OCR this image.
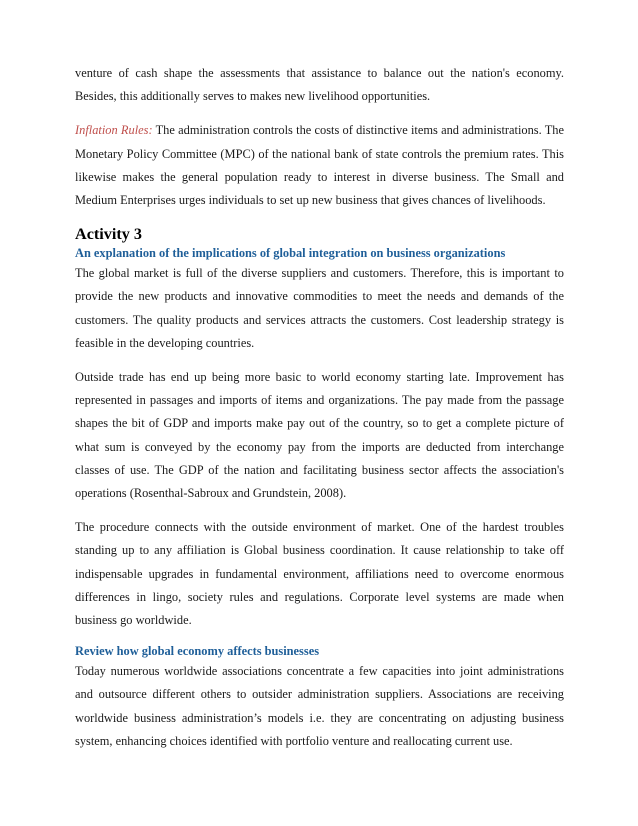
venture of cash shape the assessments that assistance to balance out the nation's economy. Besides, this additionally serves to makes new livelihood opportunities.

Inflation Rules: The administration controls the costs of distinctive items and administrations. The Monetary Policy Committee (MPC) of the national bank of state controls the premium rates. This likewise makes the general population ready to interest in diverse business. The Small and Medium Enterprises urges individuals to set up new business that gives chances of livelihoods.

Activity 3
An explanation of the implications of global integration on business organizations

The global market is full of the diverse suppliers and customers. Therefore, this is important to provide the new products and innovative commodities to meet the needs and demands of the customers. The quality products and services attracts the customers. Cost leadership strategy is feasible in the developing countries.

Outside trade has end up being more basic to world economy starting late. Improvement has represented in passages and imports of items and organizations. The pay made from the passage shapes the bit of GDP and imports make pay out of the country, so to get a complete picture of what sum is conveyed by the economy pay from the imports are deducted from interchange classes of use. The GDP of the nation and facilitating business sector affects the association's operations (Rosenthal-Sabroux and Grundstein, 2008).

The procedure connects with the outside environment of market. One of the hardest troubles standing up to any affiliation is Global business coordination. It cause relationship to take off indispensable upgrades in fundamental environment, affiliations need to overcome enormous differences in lingo, society rules and regulations. Corporate level systems are made when business go worldwide.

Review how global economy affects businesses

Today numerous worldwide associations concentrate a few capacities into joint administrations and outsource different others to outsider administration suppliers. Associations are receiving worldwide business administration’s models i.e. they are concentrating on adjusting business system, enhancing choices identified with portfolio venture and reallocating current use.
